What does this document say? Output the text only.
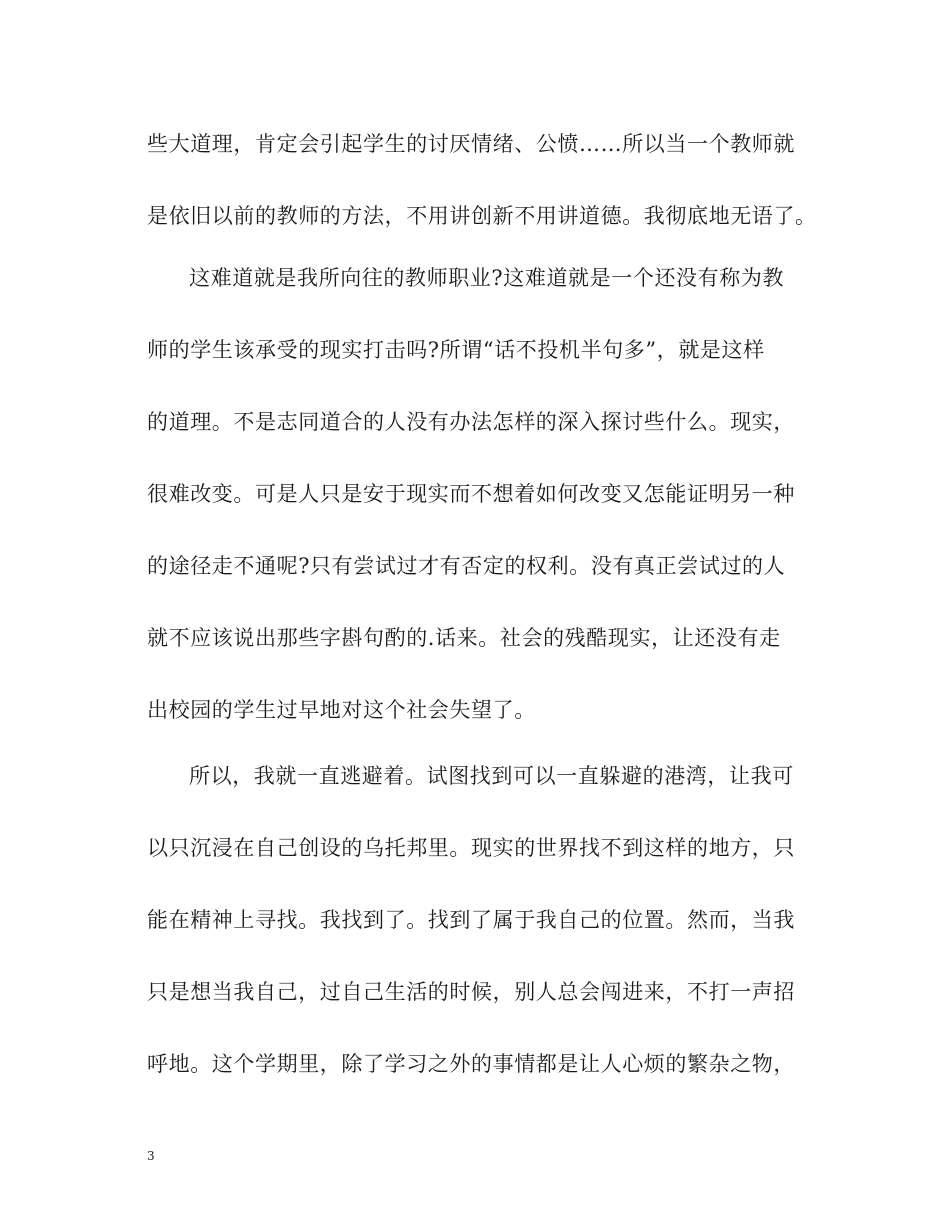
些大道理，肯定会引起学生的讨厌情绪、公愤……所以当一个教师就
是依旧以前的教师的方法，不用讲创新不用讲道德。我彻底地无语了。
这难道就是我所向往的教师职业?这难道就是一个还没有称为教
师的学生该承受的现实打击吗?所谓“话不投机半句多”，就是这样
的道理。不是志同道合的人没有办法怎样的深入探讨些什么。现实，
很难改变。可是人只是安于现实而不想着如何改变又怎能证明另一种
的途径走不通呢?只有尝试过才有否定的权利。没有真正尝试过的人
就不应该说出那些字斟句酌的.话来。社会的残酷现实，让还没有走
出校园的学生过早地对这个社会失望了。
所以，我就一直逃避着。试图找到可以一直躲避的港湾，让我可
以只沉浸在自己创设的乌托邦里。现实的世界找不到这样的地方，只
能在精神上寻找。我找到了。找到了属于我自己的位置。然而，当我
只是想当我自己，过自己生活的时候，别人总会闯进来，不打一声招
呼地。这个学期里，除了学习之外的事情都是让人心烦的繁杂之物，
3
